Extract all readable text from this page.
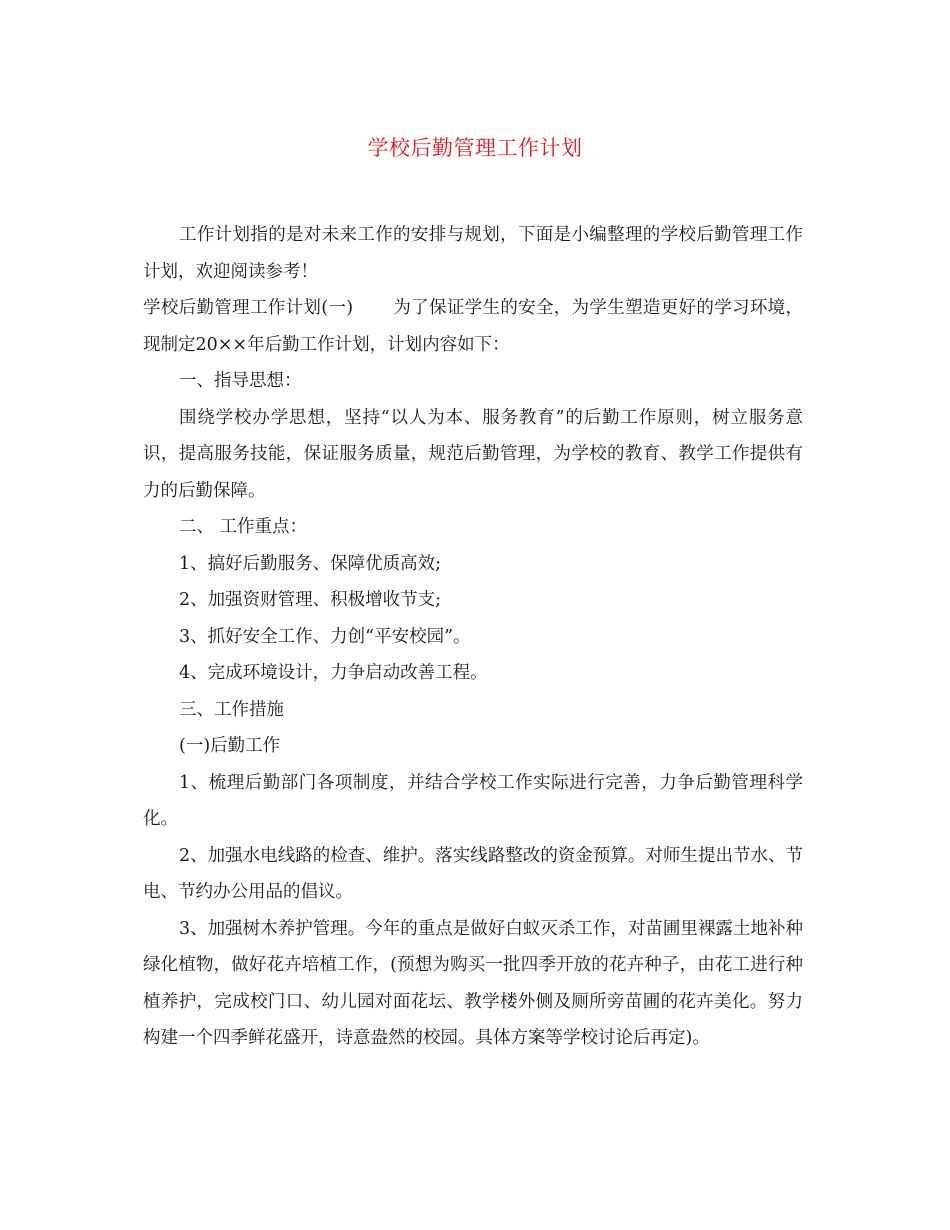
学校后勤管理工作计划

工作计划指的是对未来工作的安排与规划，下面是小编整理的学校后勤管理工作计划，欢迎阅读参考！

学校后勤管理工作计划(一) 为了保证学生的安全，为学生塑造更好的学习环境，现制定20××年后勤工作计划，计划内容如下：

一、指导思想：

围绕学校办学思想，坚持“以人为本、服务教育”的后勤工作原则，树立服务意识，提高服务技能，保证服务质量，规范后勤管理，为学校的教育、教学工作提供有力的后勤保障。

二、 工作重点：

1、搞好后勤服务、保障优质高效;

2、加强资财管理、积极增收节支;

3、抓好安全工作、力创“平安校园”。

4、完成环境设计，力争启动改善工程。

三、工作措施

(一)后勤工作

1、梳理后勤部门各项制度，并结合学校工作实际进行完善，力争后勤管理科学化。

2、加强水电线路的检查、维护。落实线路整改的资金预算。对师生提出节水、节电、节约办公用品的倡议。

3、加强树木养护管理。今年的重点是做好白蚁灭杀工作，对苗圃里裸露土地补种绿化植物，做好花卉培植工作，(预想为购买一批四季开放的花卉种子，由花工进行种植养护，完成校门口、幼儿园对面花坛、教学楼外侧及厕所旁苗圃的花卉美化。努力构建一个四季鲜花盛开，诗意盎然的校园。具体方案等学校讨论后再定)。
